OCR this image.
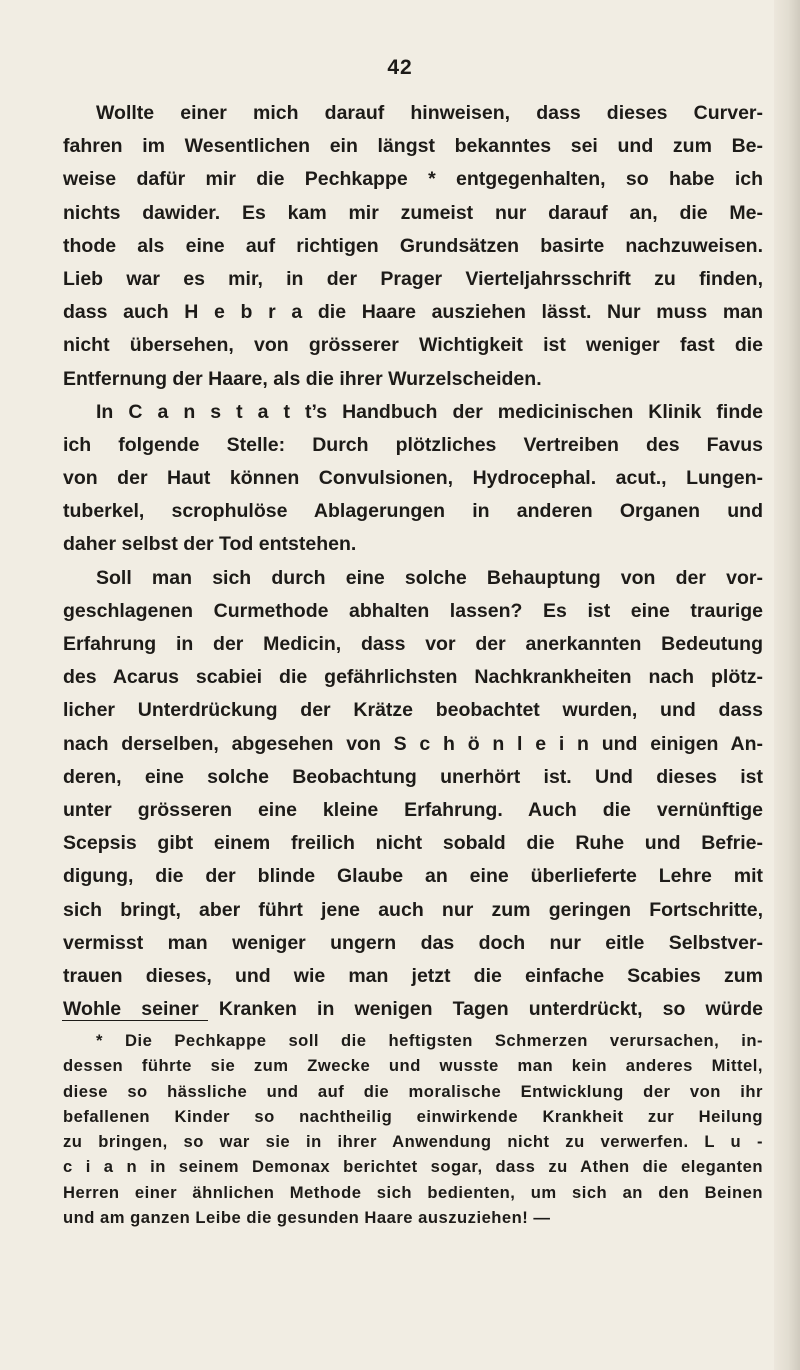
42
Wollte einer mich darauf hinweisen, dass dieses Curver-
fahren im Wesentlichen ein längst bekanntes sei und zum Be-
weise dafür mir die Pechkappe * entgegenhalten, so habe ich
nichts dawider. Es kam mir zumeist nur darauf an, die Me-
thode als eine auf richtigen Grundsätzen basirte nachzuweisen.
Lieb war es mir, in der Prager Vierteljahrsschrift zu finden,
dass auch H e b r a die Haare ausziehen lässt. Nur muss man
nicht übersehen, von grösserer Wichtigkeit ist weniger fast die
Entfernung der Haare, als die ihrer Wurzelscheiden.
In C a n s t a t t’s Handbuch der medicinischen Klinik finde
ich folgende Stelle: Durch plötzliches Vertreiben des Favus
von der Haut können Convulsionen, Hydrocephal. acut., Lungen-
tuberkel, scrophulöse Ablagerungen in anderen Organen und
daher selbst der Tod entstehen.
Soll man sich durch eine solche Behauptung von der vor-
geschlagenen Curmethode abhalten lassen? Es ist eine traurige
Erfahrung in der Medicin, dass vor der anerkannten Bedeutung
des Acarus scabiei die gefährlichsten Nachkrankheiten nach plötz-
licher Unterdrückung der Krätze beobachtet wurden, und dass
nach derselben, abgesehen von S c h ö n l e i n und einigen An-
deren, eine solche Beobachtung unerhört ist. Und dieses ist
unter grösseren eine kleine Erfahrung. Auch die vernünftige
Scepsis gibt einem freilich nicht sobald die Ruhe und Befrie-
digung, die der blinde Glaube an eine überlieferte Lehre mit
sich bringt, aber führt jene auch nur zum geringen Fortschritte,
vermisst man weniger ungern das doch nur eitle Selbstver-
trauen dieses, und wie man jetzt die einfache Scabies zum
Wohle seiner Kranken in wenigen Tagen unterdrückt, so würde
* Die Pechkappe soll die heftigsten Schmerzen verursachen, in-
dessen führte sie zum Zwecke und wusste man kein anderes Mittel,
diese so hässliche und auf die moralische Entwicklung der von ihr
befallenen Kinder so nachtheilig einwirkende Krankheit zur Heilung
zu bringen, so war sie in ihrer Anwendung nicht zu verwerfen. L u -
c i a n in seinem Demonax berichtet sogar, dass zu Athen die eleganten
Herren einer ähnlichen Methode sich bedienten, um sich an den Beinen
und am ganzen Leibe die gesunden Haare auszuziehen! —
